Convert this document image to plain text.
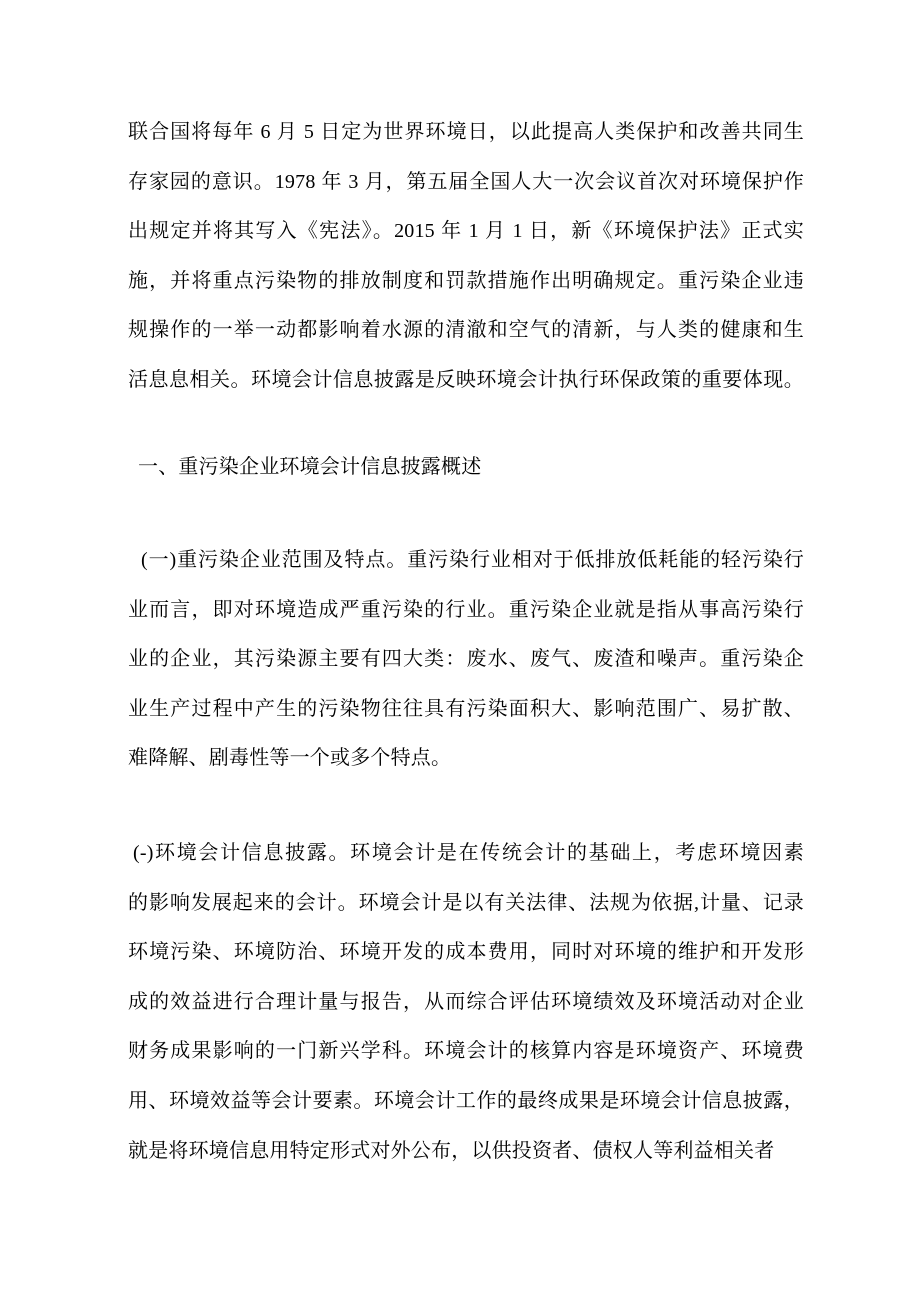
联合国将每年 6 月 5 日定为世界环境日，以此提高人类保护和改善共同生
存家园的意识。1978 年 3 月，第五届全国人大一次会议首次对环境保护作
出规定并将其写入《宪法》。2015 年 1 月 1 日，新《环境保护法》正式实
施，并将重点污染物的排放制度和罚款措施作出明确规定。重污染企业违
规操作的一举一动都影响着水源的清澈和空气的清新，与人类的健康和生
活息息相关。环境会计信息披露是反映环境会计执行环保政策的重要体现。
一、重污染企业环境会计信息披露概述
(一)重污染企业范围及特点。重污染行业相对于低排放低耗能的轻污染行
业而言，即对环境造成严重污染的行业。重污染企业就是指从事高污染行
业的企业，其污染源主要有四大类：废水、废气、废渣和噪声。重污染企
业生产过程中产生的污染物往往具有污染面积大、影响范围广、易扩散、
难降解、剧毒性等一个或多个特点。
(-)环境会计信息披露。环境会计是在传统会计的基础上，考虑环境因素
的影响发展起来的会计。环境会计是以有关法律、法规为依据,计量、记录
环境污染、环境防治、环境开发的成本费用，同时对环境的维护和开发形
成的效益进行合理计量与报告，从而综合评估环境绩效及环境活动对企业
财务成果影响的一门新兴学科。环境会计的核算内容是环境资产、环境费
用、环境效益等会计要素。环境会计工作的最终成果是环境会计信息披露，
就是将环境信息用特定形式对外公布，以供投资者、债权人等利益相关者
